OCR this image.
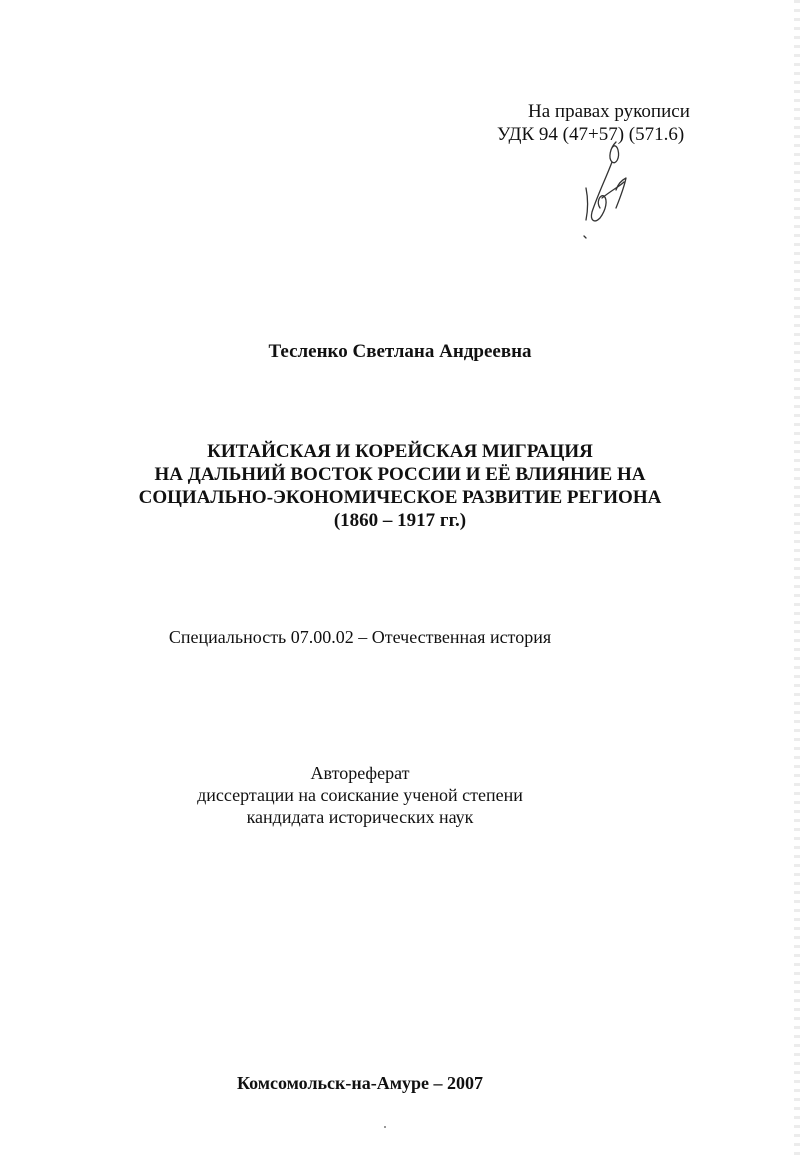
На правах рукописи
УДК 94 (47+57) (571.6)
Тесленко Светлана Андреевна
КИТАЙСКАЯ И КОРЕЙСКАЯ МИГРАЦИЯ
НА ДАЛЬНИЙ ВОСТОК РОССИИ И ЕЁ ВЛИЯНИЕ НА
СОЦИАЛЬНО-ЭКОНОМИЧЕСКОЕ РАЗВИТИЕ РЕГИОНА
(1860 – 1917 гг.)
Специальность 07.00.02 – Отечественная история
Автореферат
диссертации на соискание ученой степени
кандидата исторических наук
Комсомольск-на-Амуре – 2007
